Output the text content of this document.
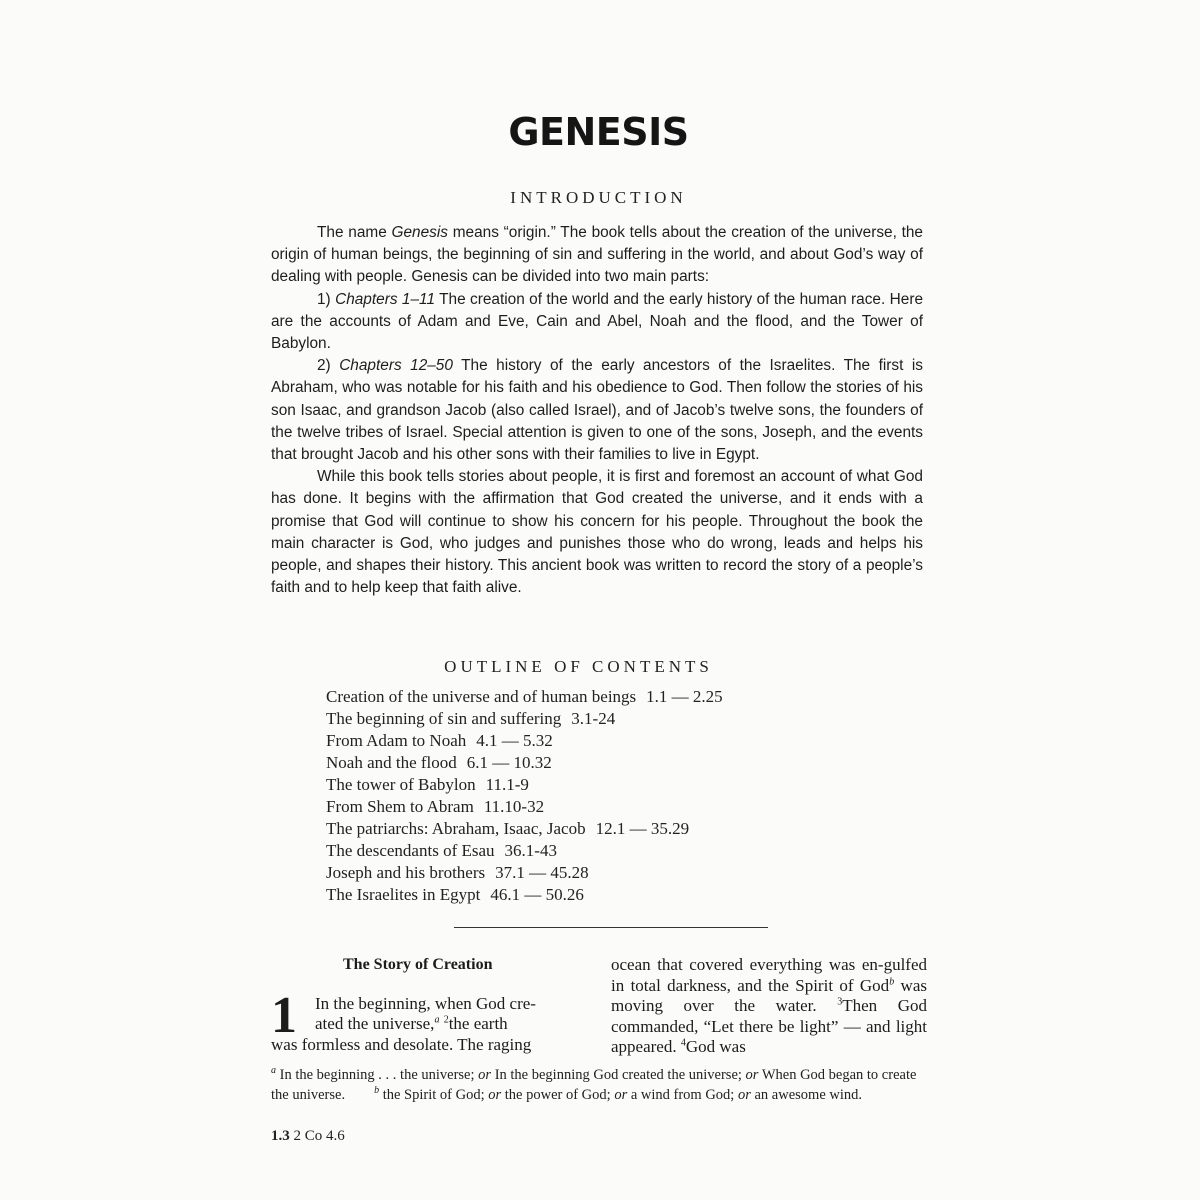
GENESIS
INTRODUCTION

The name Genesis means “origin.” The book tells about the creation of the universe, the origin of human beings, the beginning of sin and suffering in the world, and about God’s way of dealing with people. Genesis can be divided into two main parts:

1) Chapters 1–11 The creation of the world and the early history of the human race. Here are the accounts of Adam and Eve, Cain and Abel, Noah and the flood, and the Tower of Babylon.

2) Chapters 12–50 The history of the early ancestors of the Israelites. The first is Abraham, who was notable for his faith and his obedience to God. Then follow the stories of his son Isaac, and grandson Jacob (also called Israel), and of Jacob’s twelve sons, the founders of the twelve tribes of Israel. Special attention is given to one of the sons, Joseph, and the events that brought Jacob and his other sons with their families to live in Egypt.

While this book tells stories about people, it is first and foremost an account of what God has done. It begins with the affirmation that God created the universe, and it ends with a promise that God will continue to show his concern for his people. Throughout the book the main character is God, who judges and punishes those who do wrong, leads and helps his people, and shapes their history. This ancient book was written to record the story of a people’s faith and to help keep that faith alive.

OUTLINE OF CONTENTS
Creation of the universe and of human beings 1.1 — 2.25
The beginning of sin and suffering 3.1-24
From Adam to Noah 4.1 — 5.32
Noah and the flood 6.1 — 10.32
The tower of Babylon 11.1-9
From Shem to Abram 11.10-32
The patriarchs: Abraham, Isaac, Jacob 12.1 — 35.29
The descendants of Esau 36.1-43
Joseph and his brothers 37.1 — 45.28
The Israelites in Egypt 46.1 — 50.26
The Story of Creation
1	In the beginning, when God cre-
ated the universe,$^a$ $^2$the earth
was formless and desolate. The raging
ocean that covered everything was en-gulfed in total darkness, and the Spirit of God$^b$ was moving over the water. $^3$Then God commanded, “Let there be light” — and light appeared. $^4$God was
$^a$ In the beginning . . . the universe; or In the beginning God created the universe; or When God began to create the universe.	$^b$ the Spirit of God; or the power of God; or a wind from God; or an awesome wind.
1.3 2 Co 4.6
